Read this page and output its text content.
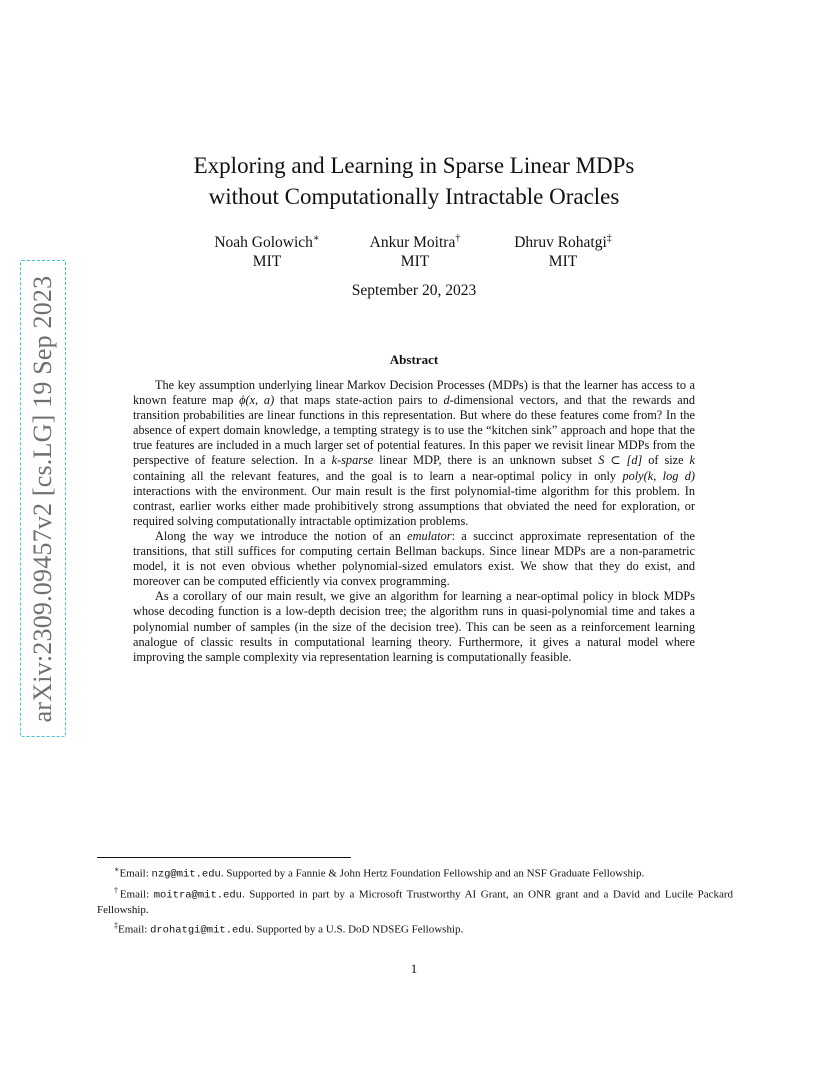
arXiv:2309.09457v2 [cs.LG] 19 Sep 2023
Exploring and Learning in Sparse Linear MDPs
without Computationally Intractable Oracles
Noah Golowich∗
MIT
Ankur Moitra†
MIT
Dhruv Rohatgi‡
MIT
September 20, 2023
Abstract

The key assumption underlying linear Markov Decision Processes (MDPs) is that the learner has access to a known feature map ϕ(x, a) that maps state-action pairs to d-dimensional vectors, and that the rewards and transition probabilities are linear functions in this representation. But where do these features come from? In the absence of expert domain knowledge, a tempting strategy is to use the “kitchen sink” approach and hope that the true features are included in a much larger set of potential features. In this paper we revisit linear MDPs from the perspective of feature selection. In a k-sparse linear MDP, there is an unknown subset S ⊂ [d] of size k containing all the relevant features, and the goal is to learn a near-optimal policy in only poly(k, log d) interactions with the environment. Our main result is the first polynomial-time algorithm for this problem. In contrast, earlier works either made prohibitively strong assumptions that obviated the need for exploration, or required solving computationally intractable optimization problems.

Along the way we introduce the notion of an emulator: a succinct approximate representation of the transitions, that still suffices for computing certain Bellman backups. Since linear MDPs are a non-parametric model, it is not even obvious whether polynomial-sized emulators exist. We show that they do exist, and moreover can be computed efficiently via convex programming.

As a corollary of our main result, we give an algorithm for learning a near-optimal policy in block MDPs whose decoding function is a low-depth decision tree; the algorithm runs in quasi-polynomial time and takes a polynomial number of samples (in the size of the decision tree). This can be seen as a reinforcement learning analogue of classic results in computational learning theory. Furthermore, it gives a natural model where improving the sample complexity via representation learning is computationally feasible.

∗Email: nzg@mit.edu. Supported by a Fannie & John Hertz Foundation Fellowship and an NSF Graduate Fellowship.

†Email: moitra@mit.edu. Supported in part by a Microsoft Trustworthy AI Grant, an ONR grant and a David and Lucile Packard Fellowship.

‡Email: drohatgi@mit.edu. Supported by a U.S. DoD NDSEG Fellowship.

1
